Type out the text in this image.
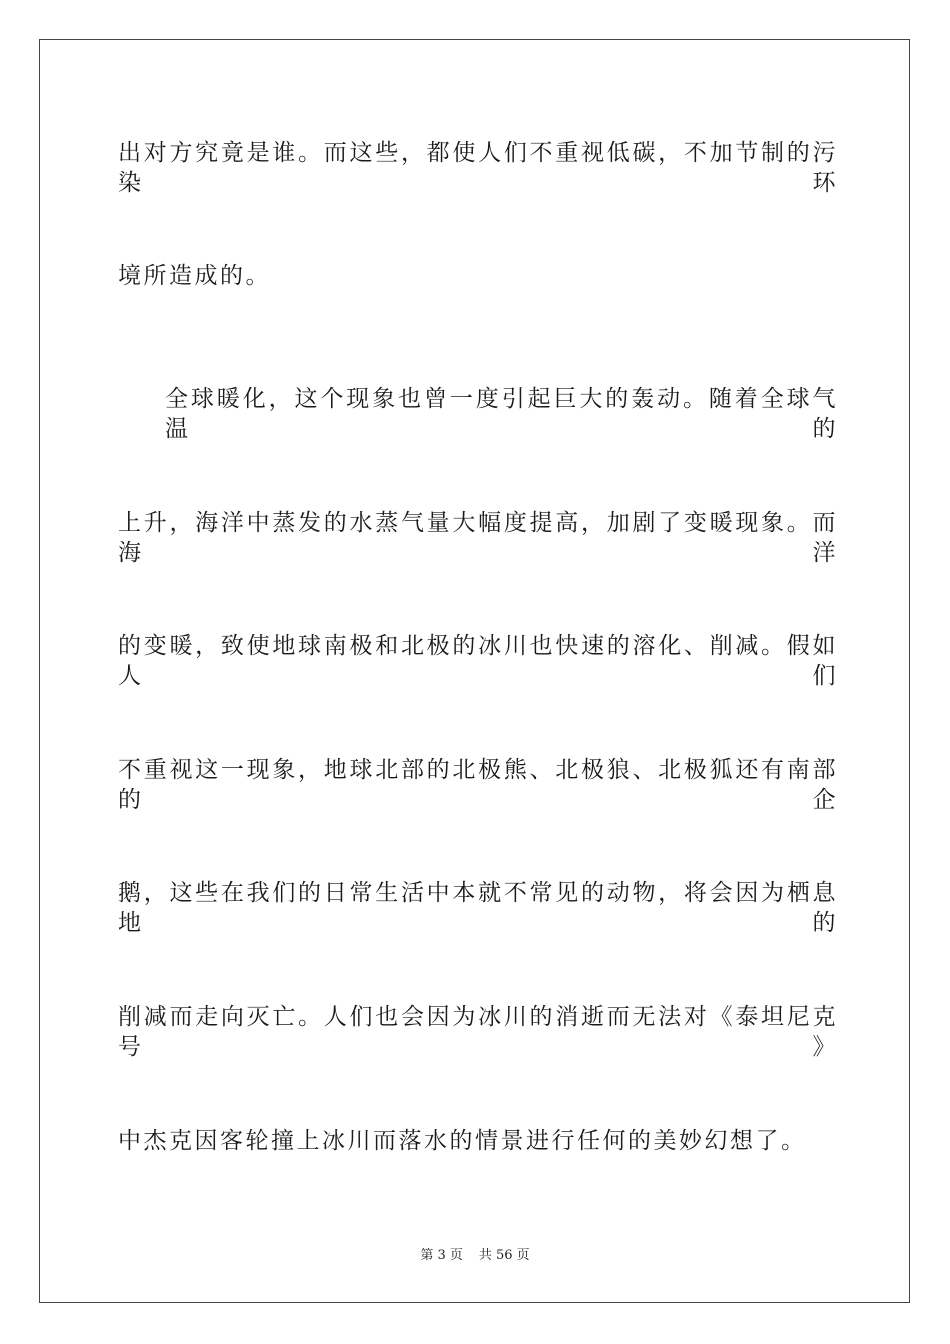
出对方究竟是谁。而这些，都使人们不重视低碳，不加节制的污染环
境所造成的。
全球暖化，这个现象也曾一度引起巨大的轰动。随着全球气温的
上升，海洋中蒸发的水蒸气量大幅度提高，加剧了变暖现象。而海洋
的变暖，致使地球南极和北极的冰川也快速的溶化、削减。假如人们
不重视这一现象，地球北部的北极熊、北极狼、北极狐还有南部的企
鹅，这些在我们的日常生活中本就不常见的动物，将会因为栖息地的
削减而走向灭亡。人们也会因为冰川的消逝而无法对《泰坦尼克号》
中杰克因客轮撞上冰川而落水的情景进行任何的美妙幻想了。
第 3 页 共 56 页
